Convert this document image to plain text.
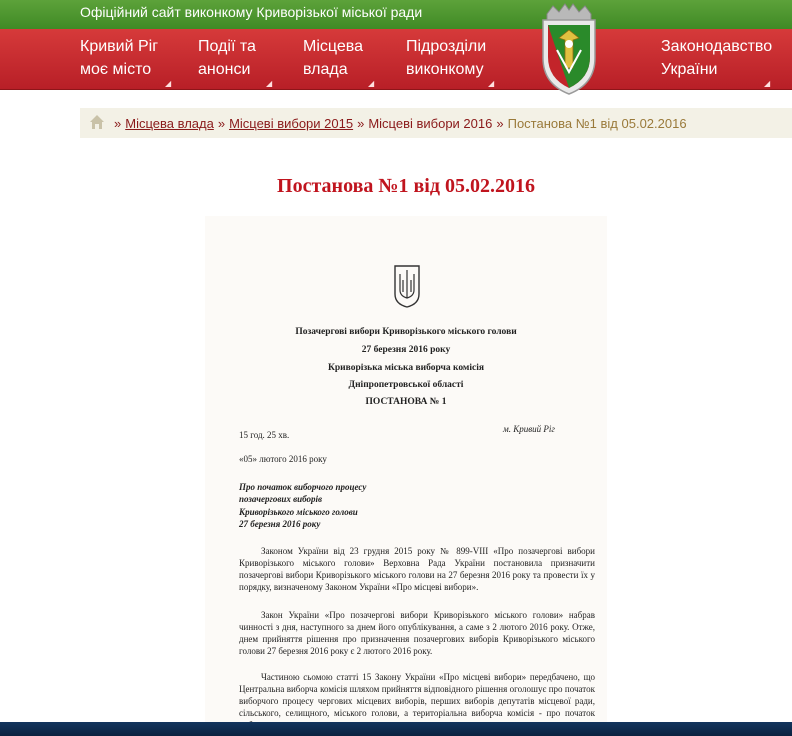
Офіційний сайт виконкому Криворізької міської ради
Кривий Ріг
моє місто
◢
Події та
анонси
◢
Місцева
влада
◢
Підрозділи
виконкому
◢
Законодавство
України
◢
» Місцева влада » Місцеві вибори 2015 » Місцеві вибори 2016 » Постанова №1 від 05.02.2016
Постанова №1 від 05.02.2016
Позачергові вибори Криворізького міського голови
27 березня 2016 року
Криворізька міська виборча комісія
Дніпропетровської області
ПОСТАНОВА № 1
15 год. 25 хв.
м. Кривий Ріг
«05» лютого 2016 року
Про початок виборчого процесу
позачергових виборів
Криворізького міського голови
27 березня 2016 року
Законом України від 23 грудня 2015 року № 899-VIII «Про позачергові вибори Криворізького міського голови» Верховна Рада України постановила призначити позачергові вибори Криворізького міського голови на 27 березня 2016 року та провести їх у порядку, визначеному Законом України «Про місцеві вибори».
Закон України «Про позачергові вибори Криворізького міського голови» набрав чинності з дня, наступного за днем його опублікування, а саме з 2 лютого 2016 року. Отже, днем прийняття рішення про призначення позачергових виборів Криворізького міського голови 27 березня 2016 року є 2 лютого 2016 року.
Частиною сьомою статті 15 Закону України «Про місцеві вибори» передбачено, що Центральна виборча комісія шляхом прийняття відповідного рішення оголошує про початок виборчого процесу чергових місцевих виборів, перших виборів депутатів місцевої ради, сільського, селищного, міського голови, а територіальна виборча комісія - про початок
